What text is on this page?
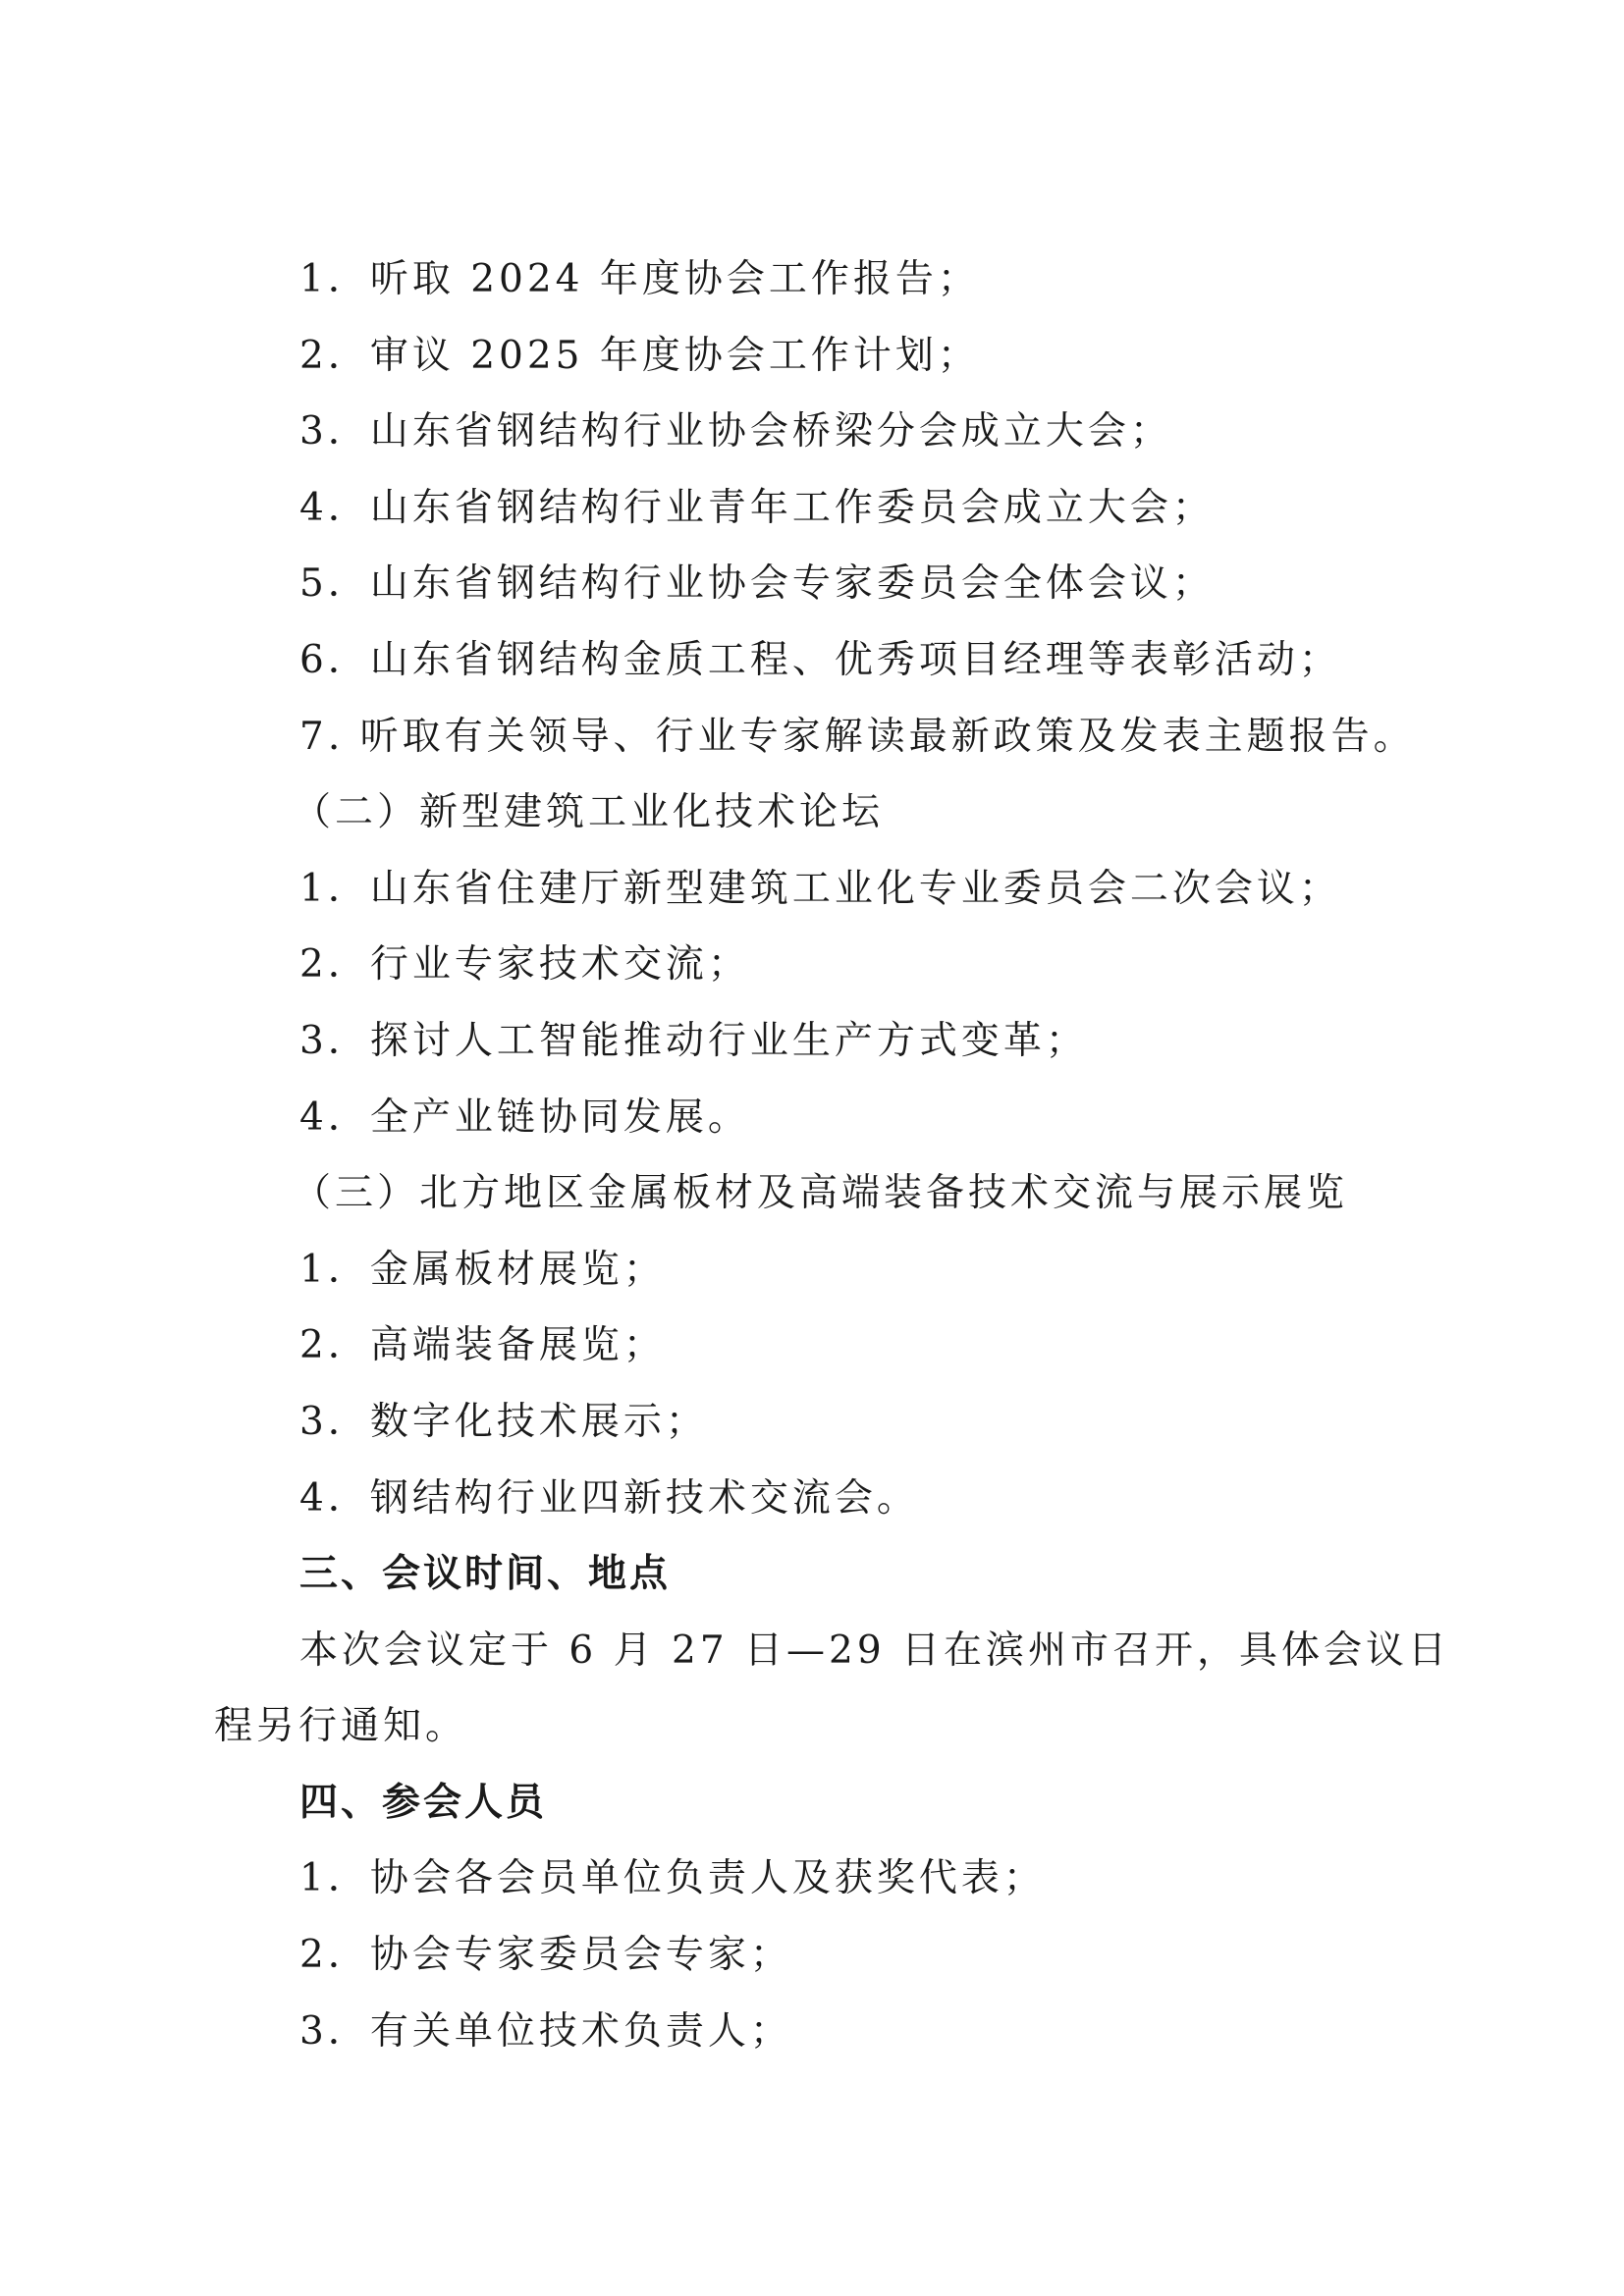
1．听取 2024 年度协会工作报告；
2．审议 2025 年度协会工作计划；
3．山东省钢结构行业协会桥梁分会成立大会；
4．山东省钢结构行业青年工作委员会成立大会；
5．山东省钢结构行业协会专家委员会全体会议；
6．山东省钢结构金质工程、优秀项目经理等表彰活动；
7. 听取有关领导、行业专家解读最新政策及发表主题报告。
（二）新型建筑工业化技术论坛
1．山东省住建厅新型建筑工业化专业委员会二次会议；
2．行业专家技术交流；
3．探讨人工智能推动行业生产方式变革；
4．全产业链协同发展。
（三）北方地区金属板材及高端装备技术交流与展示展览
1．金属板材展览；
2．高端装备展览；
3．数字化技术展示；
4．钢结构行业四新技术交流会。
三、会议时间、地点
本次会议定于 6 月 27 日—29 日在滨州市召开，具体会议日
程另行通知。
四、参会人员
1．协会各会员单位负责人及获奖代表；
2．协会专家委员会专家；
3．有关单位技术负责人；
